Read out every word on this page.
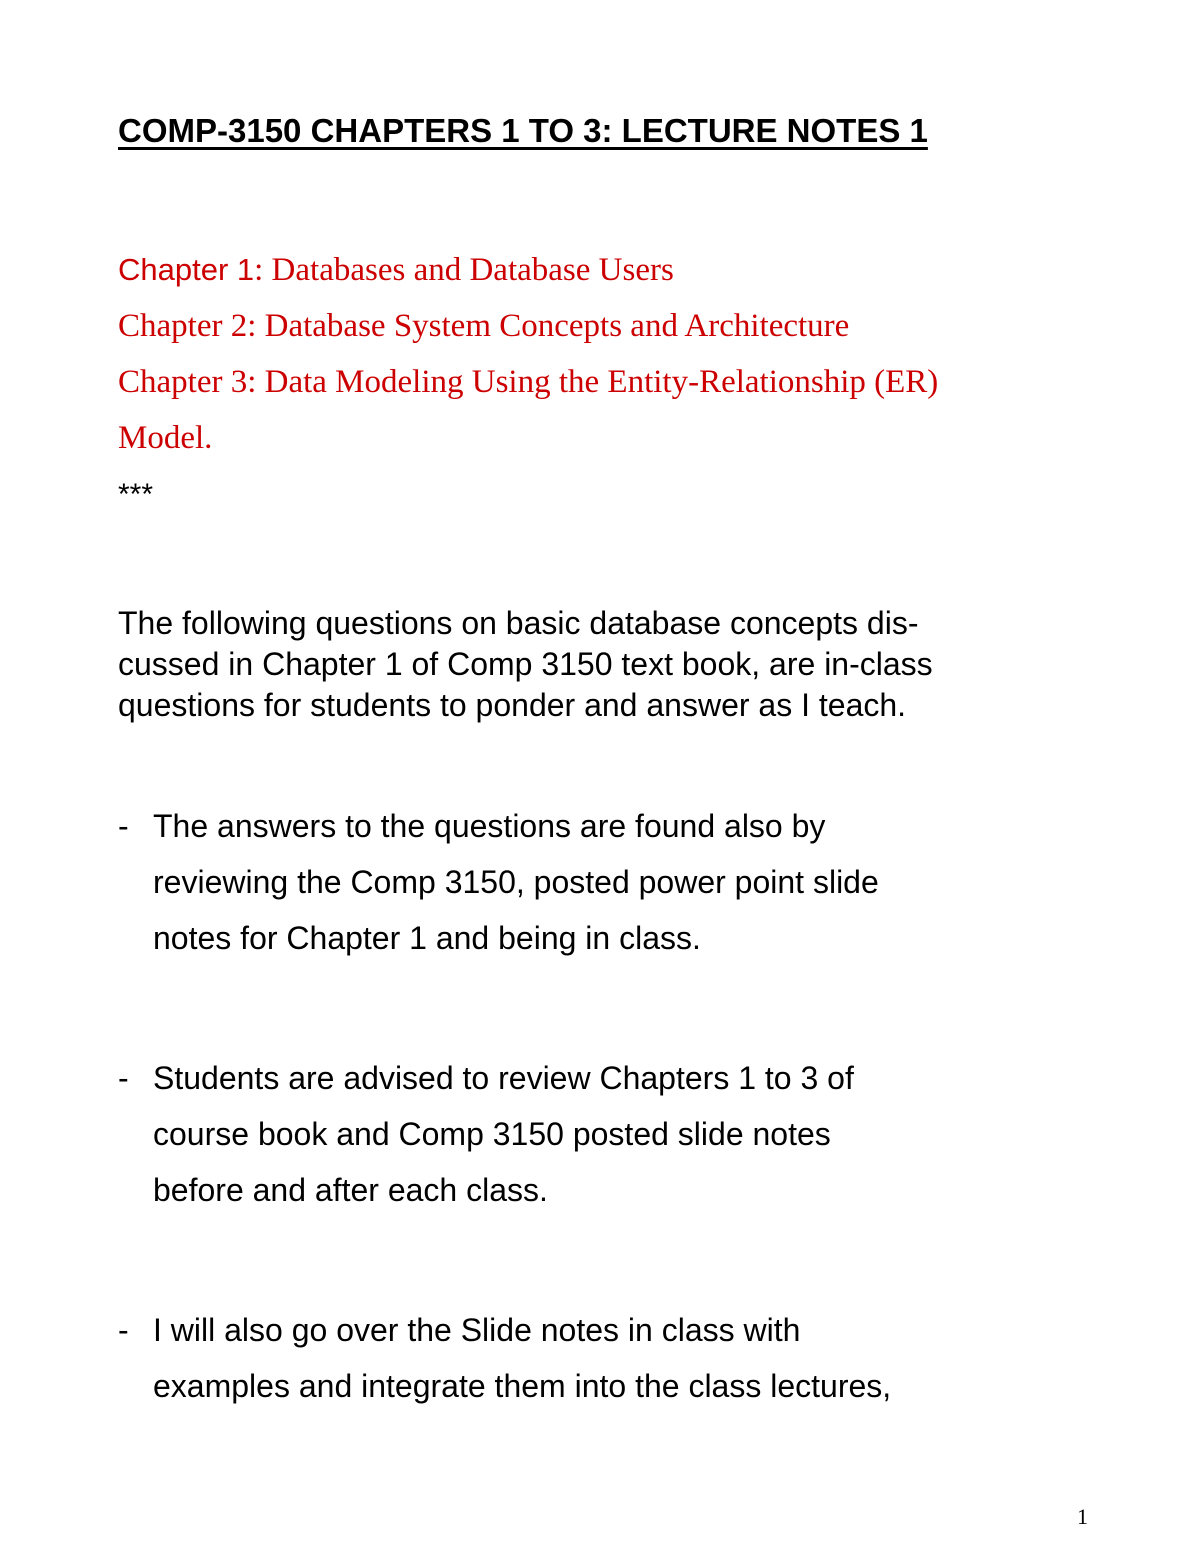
COMP-3150 CHAPTERS 1 TO 3: LECTURE NOTES 1
Chapter 1: Databases and Database Users
Chapter 2: Database System Concepts and Architecture
Chapter 3: Data Modeling Using the Entity-Relationship (ER)
Model.
***
The following questions on basic database concepts dis-
cussed in Chapter 1 of Comp 3150 text book, are in-class
questions for students to ponder and answer as I teach.
- The answers to the questions are found also by
reviewing the Comp 3150, posted power point slide
notes for Chapter 1 and being in class.
- Students are advised to review Chapters 1 to 3 of
course book and Comp 3150 posted slide notes
before and after each class.
- I will also go over the Slide notes in class with
examples and integrate them into the class lectures,
1
